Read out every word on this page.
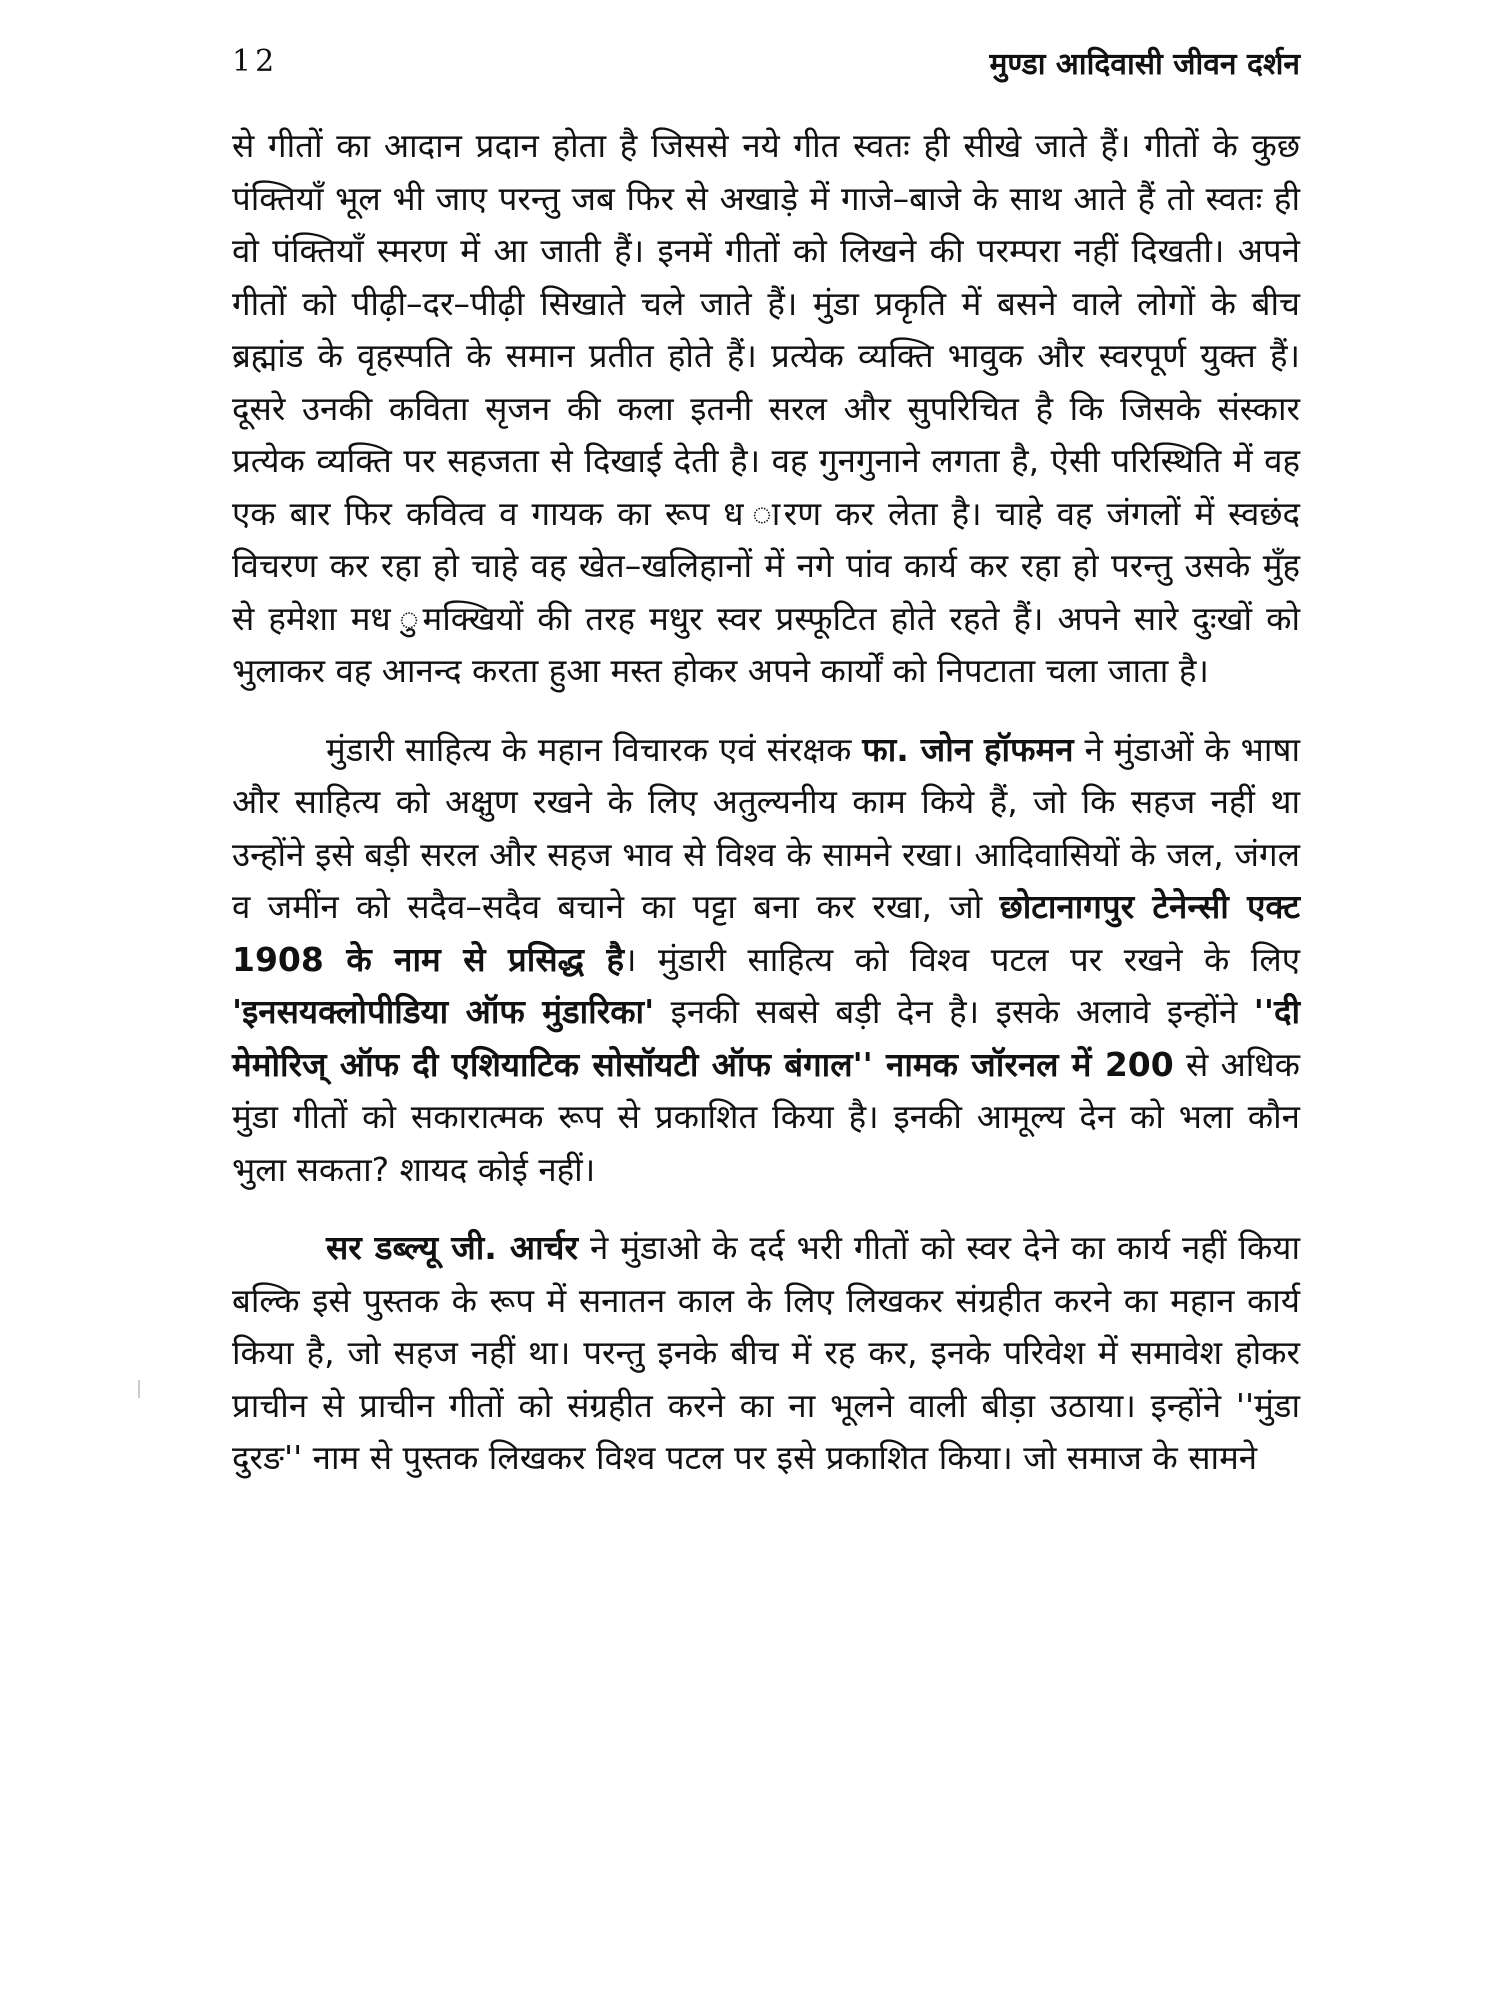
12	मुण्डा आदिवासी जीवन दर्शन

से गीतों का आदान प्रदान होता है जिससे नये गीत स्वतः ही सीखे जाते हैं। गीतों के कुछ पंक्तियाँ भूल भी जाए परन्तु जब फिर से अखाड़े में गाजे–बाजे के साथ आते हैं तो स्वतः ही वो पंक्तियाँ स्मरण में आ जाती हैं। इनमें गीतों को लिखने की परम्परा नहीं दिखती। अपने गीतों को पीढ़ी–दर–पीढ़ी सिखाते चले जाते हैं। मुंडा प्रकृति में बसने वाले लोगों के बीच ब्रह्मांड के वृहस्पति के समान प्रतीत होते हैं। प्रत्येक व्यक्ति भावुक और स्वरपूर्ण युक्त हैं। दूसरे उनकी कविता सृजन की कला इतनी सरल और सुपरिचित है कि जिसके संस्कार प्रत्येक व्यक्ति पर सहजता से दिखाई देती है। वह गुनगुनाने लगता है, ऐसी परिस्थिति में वह एक बार फिर कवित्व व गायक का रूप ध ारण कर लेता है। चाहे वह जंगलों में स्वछंद विचरण कर रहा हो चाहे वह खेत–खलिहानों में नगे पांव कार्य कर रहा हो परन्तु उसके मुँह से हमेशा मध ुमक्खियों की तरह मधुर स्वर प्रस्फूटित होते रहते हैं। अपने सारे दुःखों को भुलाकर वह आनन्द करता हुआ मस्त होकर अपने कार्यों को निपटाता चला जाता है।

मुंडारी साहित्य के महान विचारक एवं संरक्षक फा. जोन हॉफमन ने मुंडाओं के भाषा और साहित्य को अक्षुण रखने के लिए अतुल्यनीय काम किये हैं, जो कि सहज नहीं था उन्होंने इसे बड़ी सरल और सहज भाव से विश्व के सामने रखा। आदिवासियों के जल, जंगल व जमींन को सदैव–सदैव बचाने का पट्टा बना कर रखा, जो छोटानागपुर टेनेन्सी एक्ट 1908 के नाम से प्रसिद्ध है। मुंडारी साहित्य को विश्व पटल पर रखने के लिए 'इनसयक्लोपीडिया ऑफ मुंडारिका' इनकी सबसे बड़ी देन है। इसके अलावे इन्होंने ''दी मेमोरिज् ऑफ दी एशियाटिक सोसॉयटी ऑफ बंगाल'' नामक जॉरनल में 200 से अधिक मुंडा गीतों को सकारात्मक रूप से प्रकाशित किया है। इनकी आमूल्य देन को भला कौन भुला सकता? शायद कोई नहीं।

सर डब्ल्यू जी. आर्चर ने मुंडाओ के दर्द भरी गीतों को स्वर देने का कार्य नहीं किया बल्कि इसे पुस्तक के रूप में सनातन काल के लिए लिखकर संग्रहीत करने का महान कार्य किया है, जो सहज नहीं था। परन्तु इनके बीच में रह कर, इनके परिवेश में समावेश होकर प्राचीन से प्राचीन गीतों को संग्रहीत करने का ना भूलने वाली बीड़ा उठाया। इन्होंने ''मुंडा दुरङ'' नाम से पुस्तक लिखकर विश्व पटल पर इसे प्रकाशित किया। जो समाज के सामने
